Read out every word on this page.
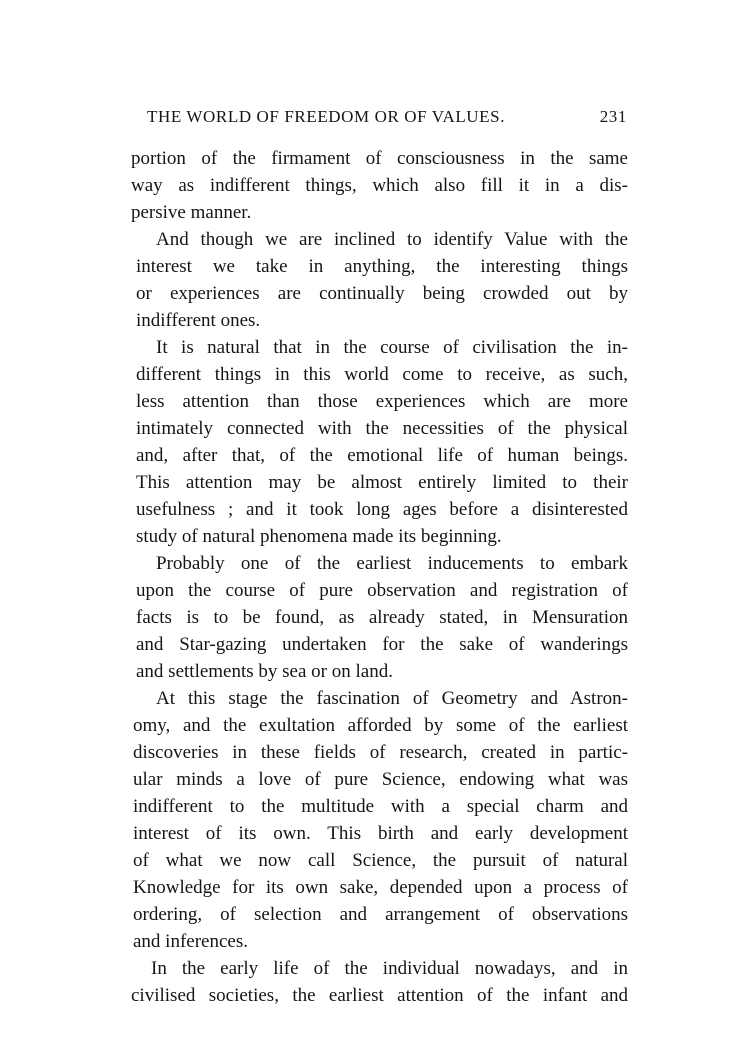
THE WORLD OF FREEDOM OR OF VALUES.	231
portion of the firmament of consciousness in the same
way as indifferent things, which also fill it in a dis-
persive manner.
And though we are inclined to identify Value with the
interest we take in anything, the interesting things
or experiences are continually being crowded out by
indifferent ones.
It is natural that in the course of civilisation the in-
different things in this world come to receive, as such,
less attention than those experiences which are more
intimately connected with the necessities of the physical
and, after that, of the emotional life of human beings.
This attention may be almost entirely limited to their
usefulness ; and it took long ages before a disinterested
study of natural phenomena made its beginning.
Probably one of the earliest inducements to embark
upon the course of pure observation and registration of
facts is to be found, as already stated, in Mensuration
and Star-gazing undertaken for the sake of wanderings
and settlements by sea or on land.
At this stage the fascination of Geometry and Astron-
omy, and the exultation afforded by some of the earliest
discoveries in these fields of research, created in partic-
ular minds a love of pure Science, endowing what was
indifferent to the multitude with a special charm and
interest of its own. This birth and early development
of what we now call Science, the pursuit of natural
Knowledge for its own sake, depended upon a process of
ordering, of selection and arrangement of observations
and inferences.
In the early life of the individual nowadays, and in
civilised societies, the earliest attention of the infant and
